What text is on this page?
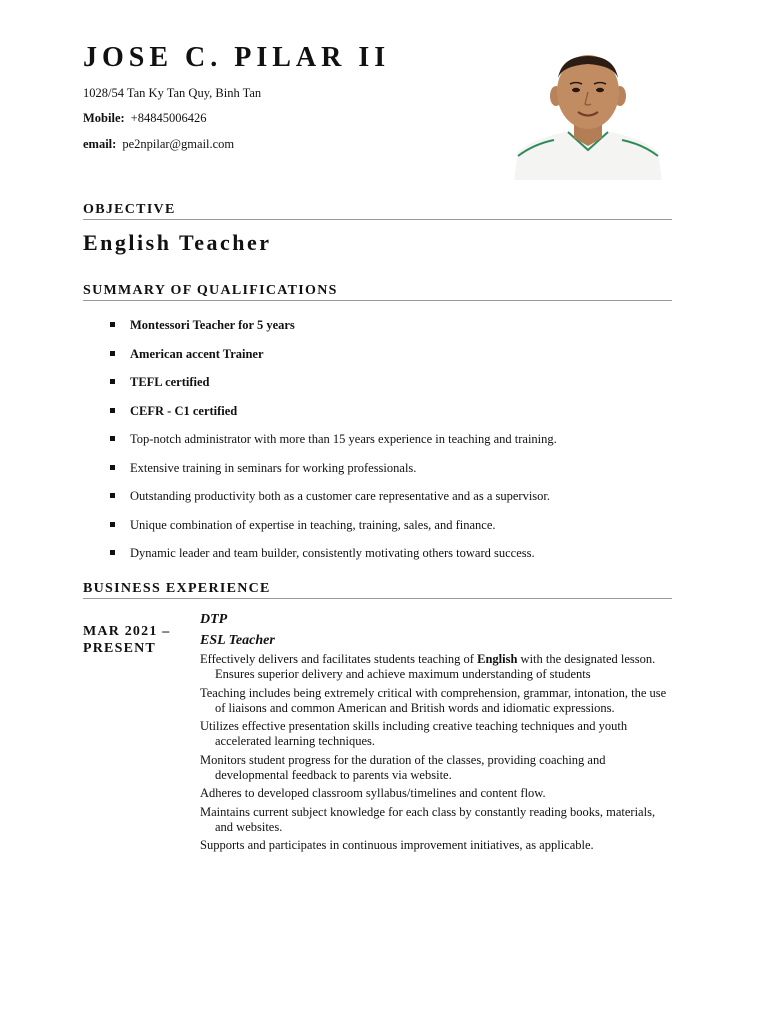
JOSE C. PILAR II
1028/54 Tan Ky Tan Quy, Binh Tan
Mobile: +84845006426
email: pe2npilar@gmail.com
OBJECTIVE
English Teacher
SUMMARY OF QUALIFICATIONS
Montessori Teacher for 5 years
American accent Trainer
TEFL certified
CEFR - C1 certified
Top-notch administrator with more than 15 years experience in teaching and training.
Extensive training in seminars for working professionals.
Outstanding productivity both as a customer care representative and as a supervisor.
Unique combination of expertise in teaching, training, sales, and finance.
Dynamic leader and team builder, consistently motivating others toward success.
BUSINESS EXPERIENCE
MAR 2021 –
PRESENT
DTP
ESL Teacher
Effectively delivers and facilitates students teaching of English with the designated lesson. Ensures superior delivery and achieve maximum understanding of students
Teaching includes being extremely critical with comprehension, grammar, intonation, the use of liaisons and common American and British words and idiomatic expressions.
Utilizes effective presentation skills including creative teaching techniques and youth accelerated learning techniques.
Monitors student progress for the duration of the classes, providing coaching and developmental feedback to parents via website.
Adheres to developed classroom syllabus/timelines and content flow.
Maintains current subject knowledge for each class by constantly reading books, materials, and websites.
Supports and participates in continuous improvement initiatives, as applicable.
